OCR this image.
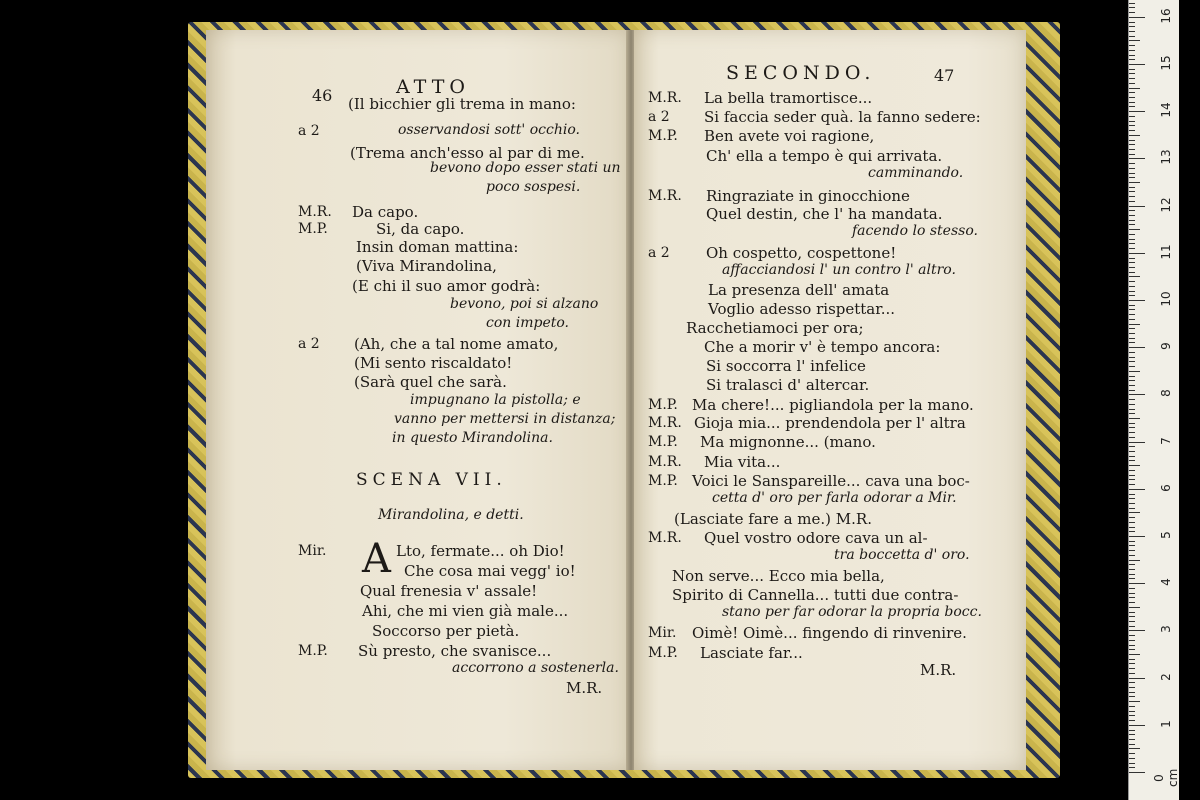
46	ATTO
SCENA VII.
A
SECONDO.	47
(Il bicchier gli trema in mano:
a 2	osservandosi sott' occhio.
(Trema anch'esso al par di me.
bevono dopo esser stati un
poco sospesi.
M.R. Da capo.
M.P.	Si, da capo.
Insin doman mattina:
(Viva Mirandolina,
(E chi il suo amor godrà:
bevono, poi si alzano
con impeto.
a 2 (Ah, che a tal nome amato,
(Mi sento riscaldato!
(Sarà quel che sarà.
impugnano la pistolla; e
vanno per mettersi in distanza;
in questo Mirandolina.
Mirandolina, e detti.
Mir.	Lto, fermate... oh Dio!
Che cosa mai vegg' io!
Qual frenesia v' assale!
Ahi, che mi vien già male...
Soccorso per pietà.
M.P. Sù presto, che svanisce...
accorrono a sostenerla.
M.R.
M.R. La bella tramortisce...
a 2 Si faccia seder quà. la fanno sedere:
M.P. Ben avete voi ragione,
Ch' ella a tempo è qui arrivata.
camminando.
M.R. Ringraziate in ginocchione
Quel destin, che l' ha mandata.
facendo lo stesso.
a 2 Oh cospetto, cospettone!
affacciandosi l' un contro l' altro.
La presenza dell' amata
Voglio adesso rispettar...
Racchetiamoci per ora;
Che a morir v' è tempo ancora:
Si soccorra l' infelice
Si tralasci d' altercar.
M.P. Ma chere!... pigliandola per la mano.
M.R. Gioja mia... prendendola per l' altra
M.P. Ma mignonne... (mano.
M.R. Mia vita...
M.P. Voici le Sanspareille... cava una boc-
cetta d' oro per farla odorar a Mir.
(Lasciate fare a me.) M.R.
M.R. Quel vostro odore cava un al-
tra boccetta d' oro.
Non serve... Ecco mia bella,
Spirito di Cannella... tutti due contra-
stano per far odorar la propria bocc.
Mir. Oimè! Oimè... fingendo di rinvenire.
M.P. Lasciate far...
M.R.
0 cm
1
2
3
4
5
6
7
8
9
10
11
12
13
14
15
16
